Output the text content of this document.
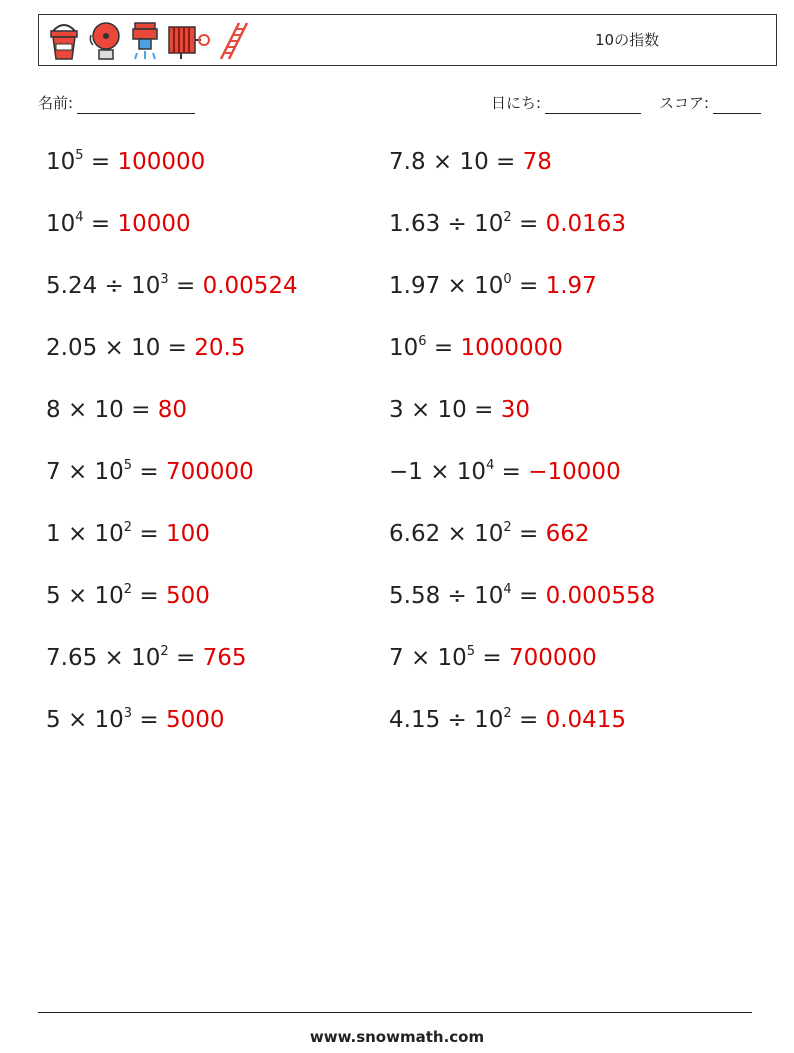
10の指数
名前:	日にち:	スコア:
$10^5 = 100000$	7.8 × 10 = 78
$10^4 = 10000$	$1.63 \div 10^2 = 0.0163$
$5.24 \div 10^3 = 0.00524$	$1.97 \times 10^0 = 1.97$
2.05 × 10 = 20.5	$10^6 = 1000000$
8 × 10 = 80	3 × 10 = 30
$7 \times 10^5 = 700000$	$-1 \times 10^4 = -10000$
$1 \times 10^2 = 100$	$6.62 \times 10^2 = 662$
$5 \times 10^2 = 500$	$5.58 \div 10^4 = 0.000558$
$7.65 \times 10^2 = 765$	$7 \times 10^5 = 700000$
$5 \times 10^3 = 5000$	$4.15 \div 10^2 = 0.0415$
www.snowmath.com
